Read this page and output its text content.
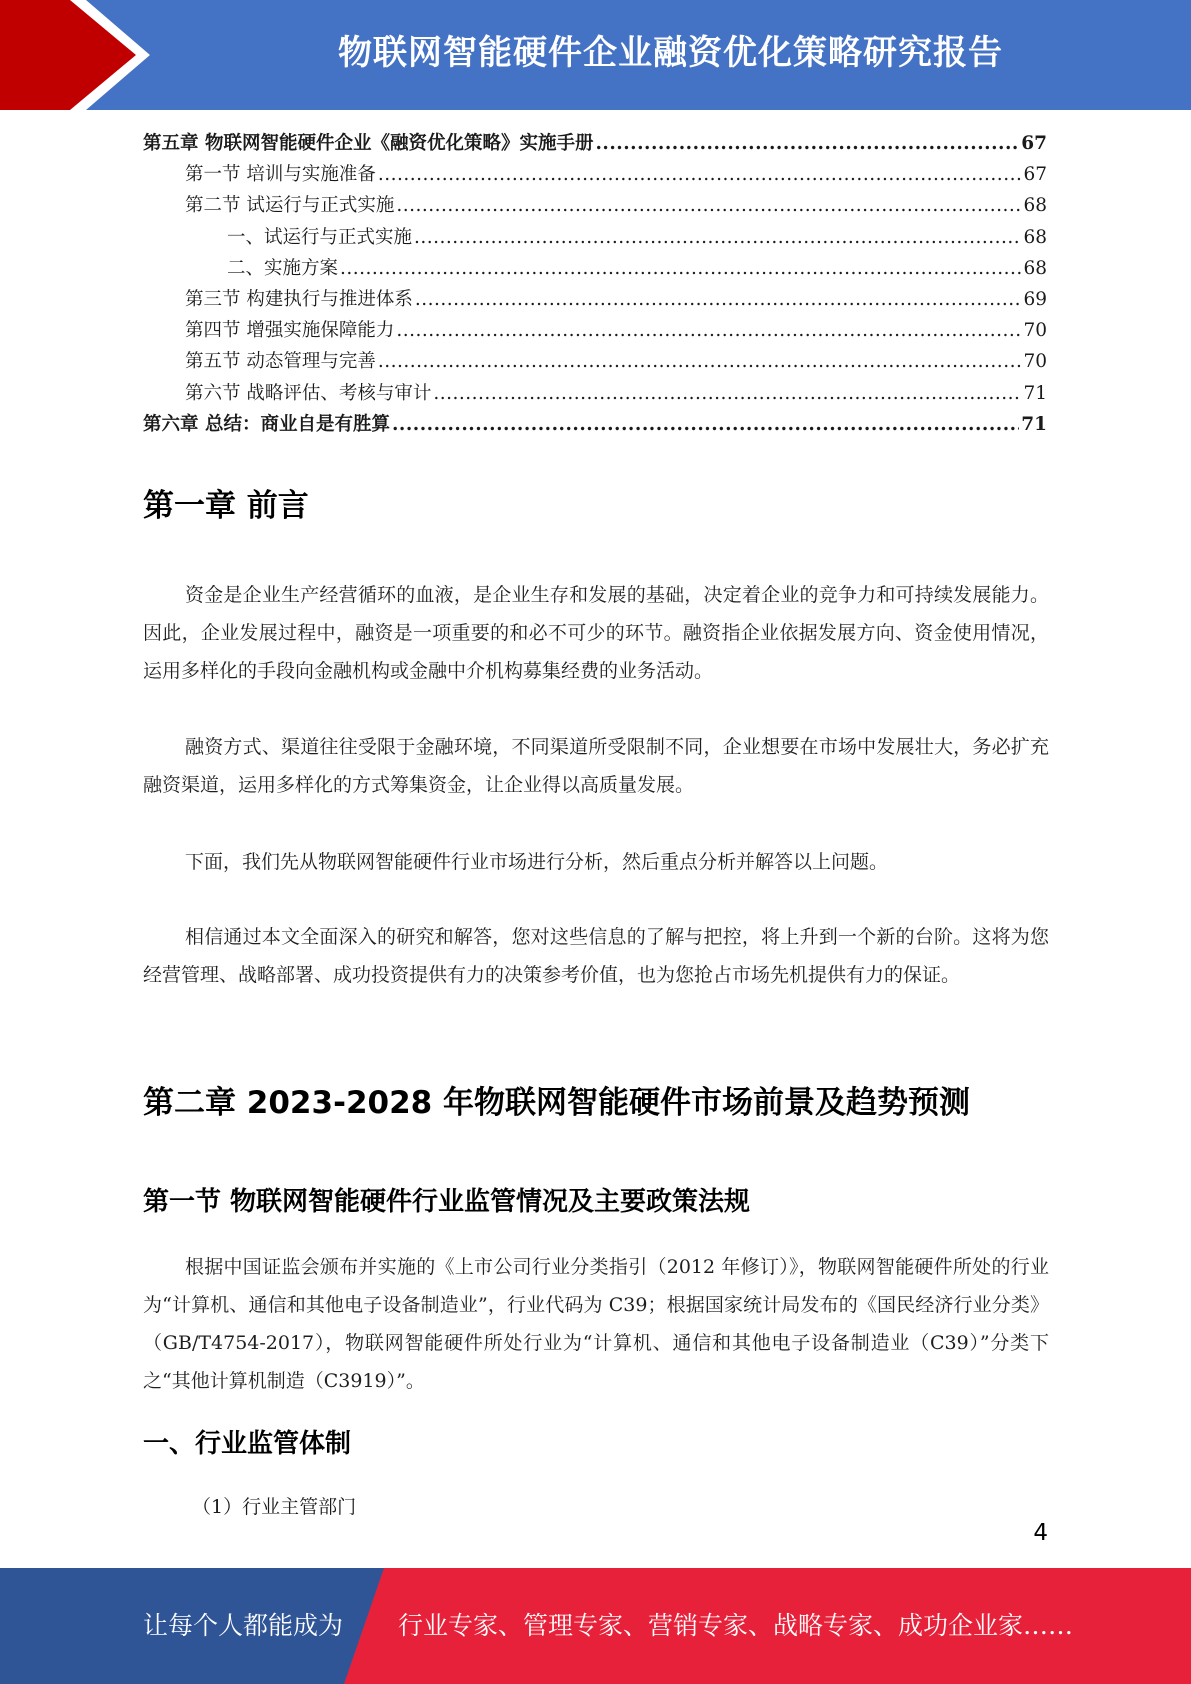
物联网智能硬件企业融资优化策略研究报告
第五章 物联网智能硬件企业《融资优化策略》实施手册 .....	67
第一节 培训与实施准备 .....	67
第二节 试运行与正式实施 .....	68
一、试运行与正式实施 .....	68
二、实施方案 .....	68
第三节 构建执行与推进体系 .....	69
第四节 增强实施保障能力 .....	70
第五节 动态管理与完善 .....	70
第六节 战略评估、考核与审计 .....	71
第六章 总结：商业自是有胜算 .....	71
第一章 前言

资金是企业生产经营循环的血液，是企业生存和发展的基础，决定着企业的竞争力和可持续发展能力。因此，企业发展过程中，融资是一项重要的和必不可少的环节。融资指企业依据发展方向、资金使用情况，运用多样化的手段向金融机构或金融中介机构募集经费的业务活动。

融资方式、渠道往往受限于金融环境，不同渠道所受限制不同，企业想要在市场中发展壮大，务必扩充融资渠道，运用多样化的方式筹集资金，让企业得以高质量发展。

下面，我们先从物联网智能硬件行业市场进行分析，然后重点分析并解答以上问题。

相信通过本文全面深入的研究和解答，您对这些信息的了解与把控，将上升到一个新的台阶。这将为您经营管理、战略部署、成功投资提供有力的决策参考价值，也为您抢占市场先机提供有力的保证。

第二章 2023-2028 年物联网智能硬件市场前景及趋势预测
第一节 物联网智能硬件行业监管情况及主要政策法规

根据中国证监会颁布并实施的《上市公司行业分类指引（2012 年修订）》，物联网智能硬件所处的行业为“计算机、通信和其他电子设备制造业”，行业代码为 C39；根据国家统计局发布的《国民经济行业分类》（GB/T4754-2017），物联网智能硬件所处行业为“计算机、通信和其他电子设备制造业（C39）”分类下之“其他计算机制造（C3919）”。

一、行业监管体制

（1）行业主管部门

4
让每个人都能成为 行业专家、管理专家、营销专家、战略专家、成功企业家……
